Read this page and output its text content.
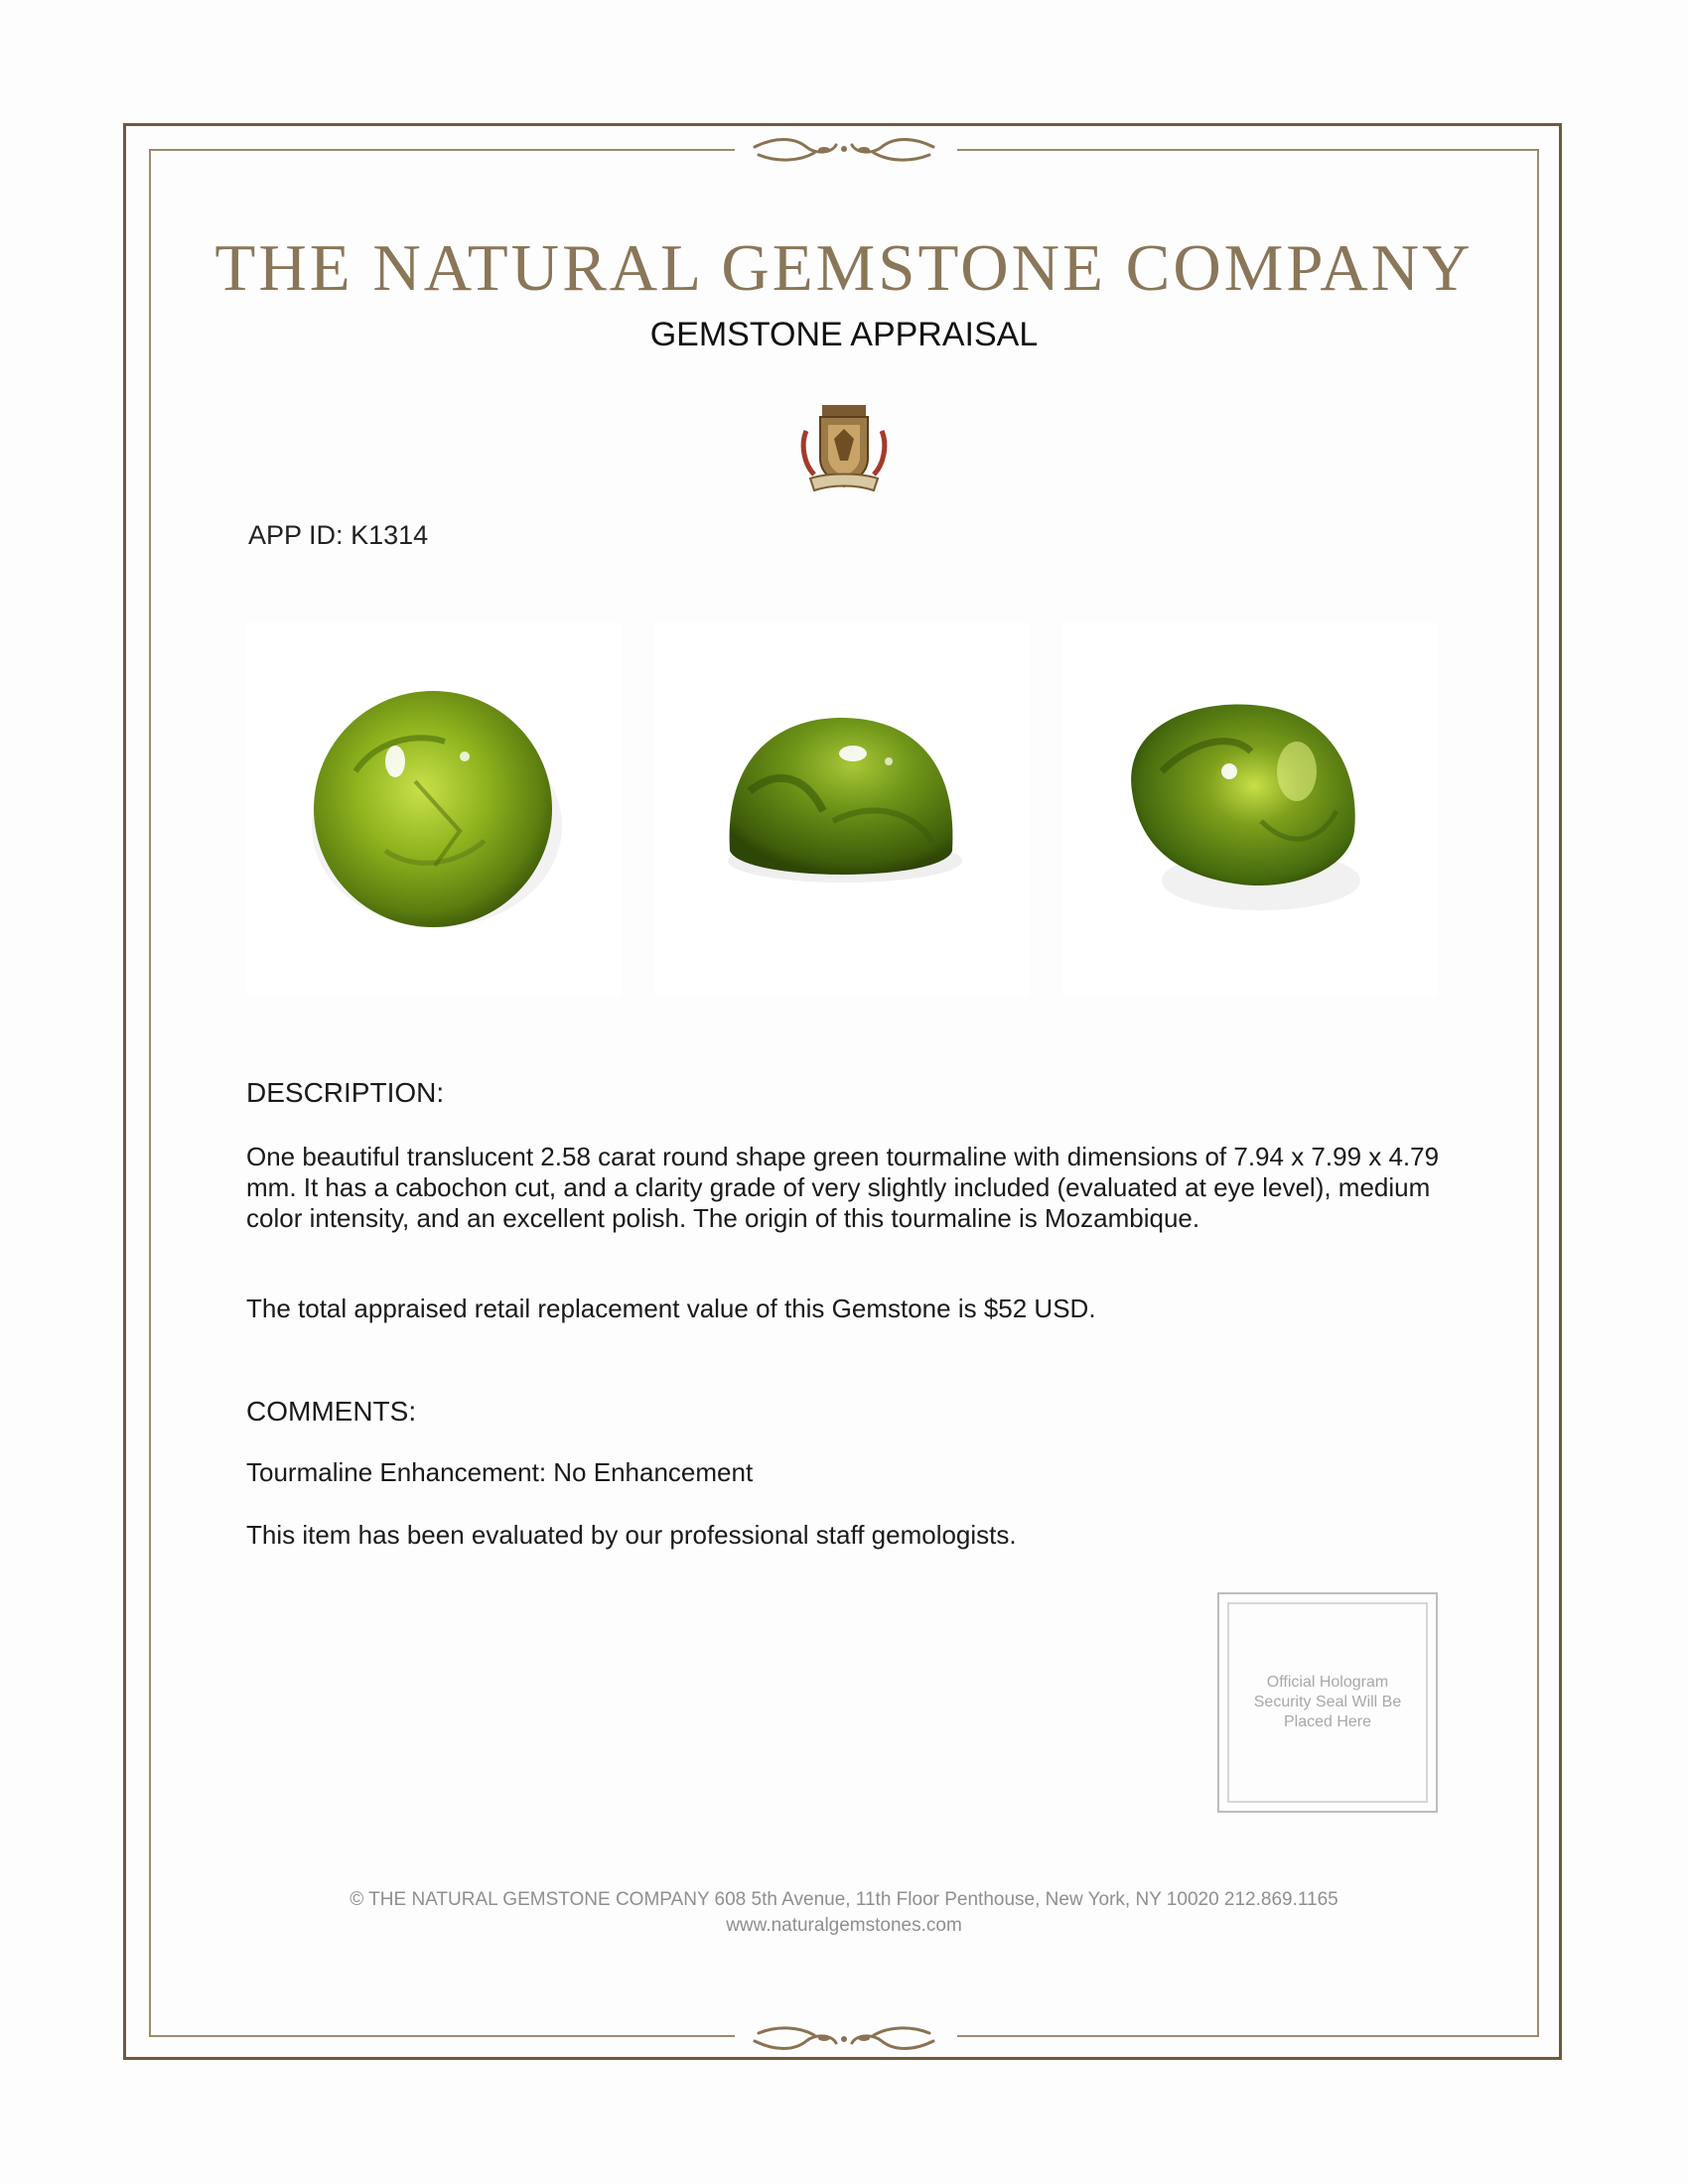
THE NATURAL GEMSTONE COMPANY
GEMSTONE APPRAISAL
APP ID: K1314
DESCRIPTION:
One beautiful translucent 2.58 carat round shape green tourmaline with dimensions of 7.94 x 7.99 x 4.79 mm. It has a cabochon cut, and a clarity grade of very slightly included (evaluated at eye level), medium color intensity, and an excellent polish. The origin of this tourmaline is Mozambique.
The total appraised retail replacement value of this Gemstone is $52 USD.
COMMENTS:
Tourmaline Enhancement: No Enhancement
This item has been evaluated by our professional staff gemologists.
Official Hologram Security Seal Will Be Placed Here
© THE NATURAL GEMSTONE COMPANY 608 5th Avenue, 11th Floor Penthouse, New York, NY 10020 212.869.1165
www.naturalgemstones.com
